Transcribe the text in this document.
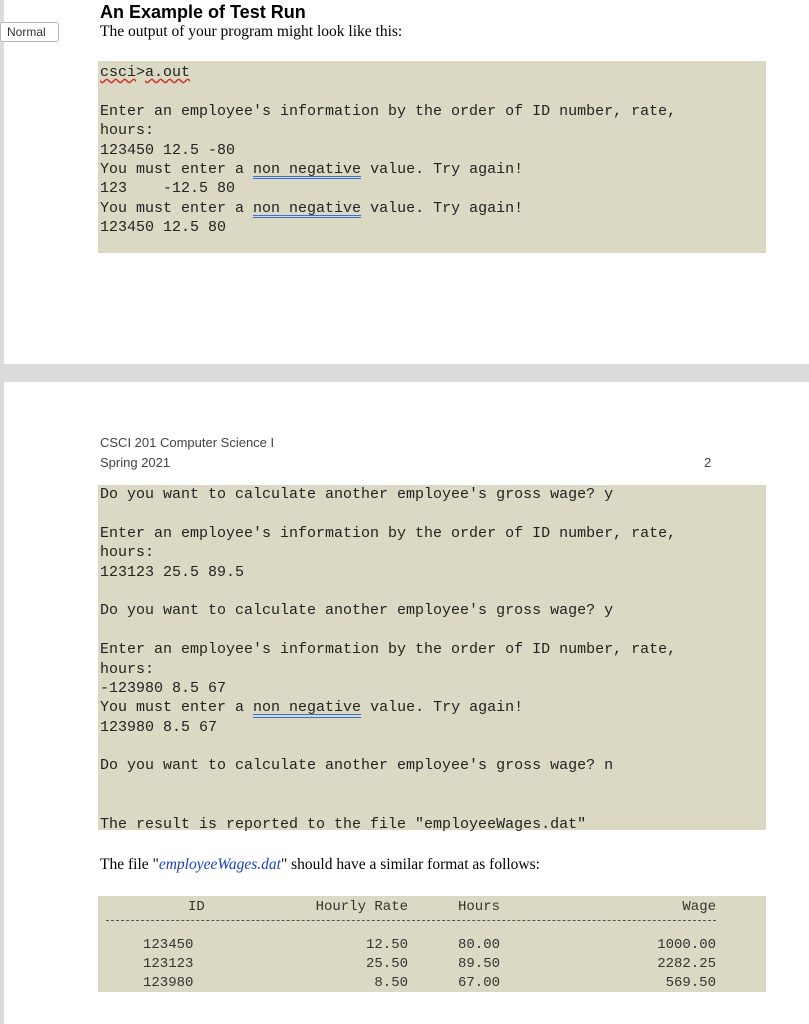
Normal
An Example of Test Run
The output of your program might look like this:
csci>a.out
Enter an employee's information by the order of ID number, rate,
hours:
123450 12.5 -80
You must enter a non negative value. Try again!
123    -12.5 80
You must enter a non negative value. Try again!
123450 12.5 80
CSCI 201 Computer Science I
Spring 2021	2
Do you want to calculate another employee's gross wage? y
Enter an employee's information by the order of ID number, rate,
hours:
123123 25.5 89.5
Do you want to calculate another employee's gross wage? y
Enter an employee's information by the order of ID number, rate,
hours:
-123980 8.5 67
You must enter a non negative value. Try again!
123980 8.5 67
Do you want to calculate another employee's gross wage? n
The result is reported to the file "employeeWages.dat"
The file "employeeWages.dat" should have a similar format as follows:
ID	Hourly Rate	Hours	Wage
123450	12.50	80.00	1000.00
123123	25.50	89.50	2282.25
123980	8.50	67.00	569.50
